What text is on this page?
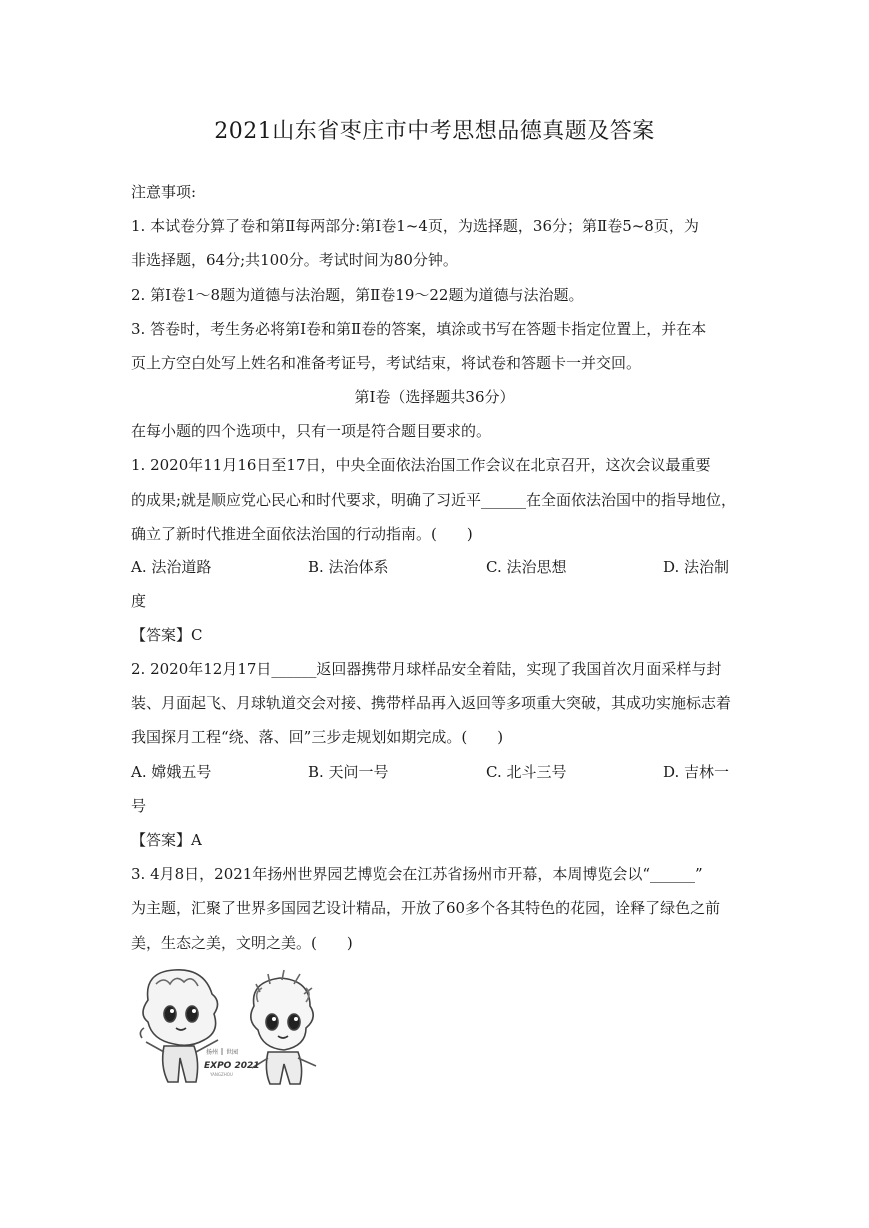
2021山东省枣庄市中考思想品德真题及答案
注意事项:
1. 本试卷分算了卷和第Ⅱ每两部分:第Ⅰ卷1~4页，为选择题，36分；第Ⅱ卷5~8页，为
非选择题，64分;共100分。考试时间为80分钟。
2. 第Ⅰ卷1～8题为道德与法治题，第Ⅱ卷19～22题为道德与法治题。
3. 答卷时，考生务必将第Ⅰ卷和第Ⅱ卷的答案，填涂或书写在答题卡指定位置上，并在本
页上方空白处写上姓名和准备考证号，考试结束，将试卷和答题卡一并交回。
第Ⅰ卷（选择题共36分）
在每小题的四个选项中，只有一项是符合题目要求的。
1. 2020年11月16日至17日，中央全面依法治国工作会议在北京召开，这次会议最重要
的成果;就是顺应党心民心和时代要求，明确了习近平______在全面依法治国中的指导地位，
确立了新时代推进全面依法治国的行动指南。(　　)
A. 法治道路	B. 法治体系	C. 法治思想	D. 法治制
度
【答案】C
2. 2020年12月17日______返回器携带月球样品安全着陆，实现了我国首次月面采样与封
装、月面起飞、月球轨道交会对接、携带样品再入返回等多项重大突破，其成功实施标志着
我国探月工程“绕、落、回”三步走规划如期完成。(　　)
A. 嫦娥五号	B. 天问一号	C. 北斗三号	D. 吉林一
号
【答案】A
3. 4月8日，2021年扬州世界园艺博览会在江苏省扬州市开幕，本周博览会以“______”
为主题，汇聚了世界多国园艺设计精品，开放了60多个各其特色的花园，诠释了绿色之前
美，生态之美，文明之美。(　　)
扬州 世园
EXPO 2021
YANGZHOU
